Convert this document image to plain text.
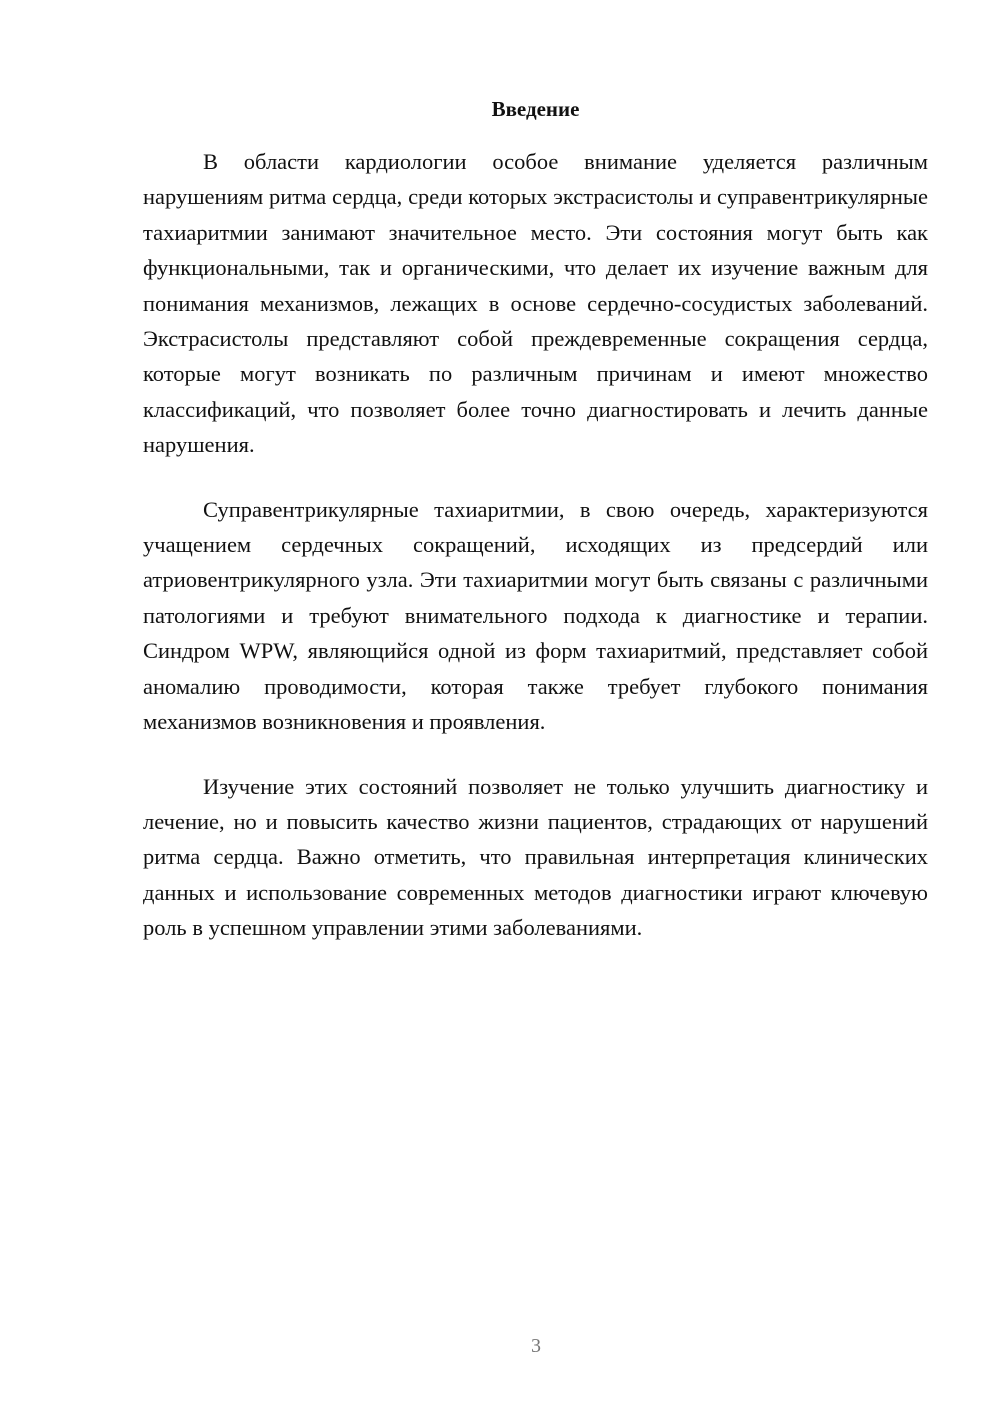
Введение

В области кардиологии особое внимание уделяется различным нарушениям ритма сердца, среди которых экстрасистолы и суправентрикулярные тахиаритмии занимают значительное место. Эти состояния могут быть как функциональными, так и органическими, что делает их изучение важным для понимания механизмов, лежащих в основе сердечно-сосудистых заболеваний. Экстрасистолы представляют собой преждевременные сокращения сердца, которые могут возникать по различным причинам и имеют множество классификаций, что позволяет более точно диагностировать и лечить данные нарушения.

Суправентрикулярные тахиаритмии, в свою очередь, характеризуются учащением сердечных сокращений, исходящих из предсердий или атриовентрикулярного узла. Эти тахиаритмии могут быть связаны с различными патологиями и требуют внимательного подхода к диагностике и терапии. Синдром WPW, являющийся одной из форм тахиаритмий, представляет собой аномалию проводимости, которая также требует глубокого понимания механизмов возникновения и проявления.

Изучение этих состояний позволяет не только улучшить диагностику и лечение, но и повысить качество жизни пациентов, страдающих от нарушений ритма сердца. Важно отметить, что правильная интерпретация клинических данных и использование современных методов диагностики играют ключевую роль в успешном управлении этими заболеваниями.

3
